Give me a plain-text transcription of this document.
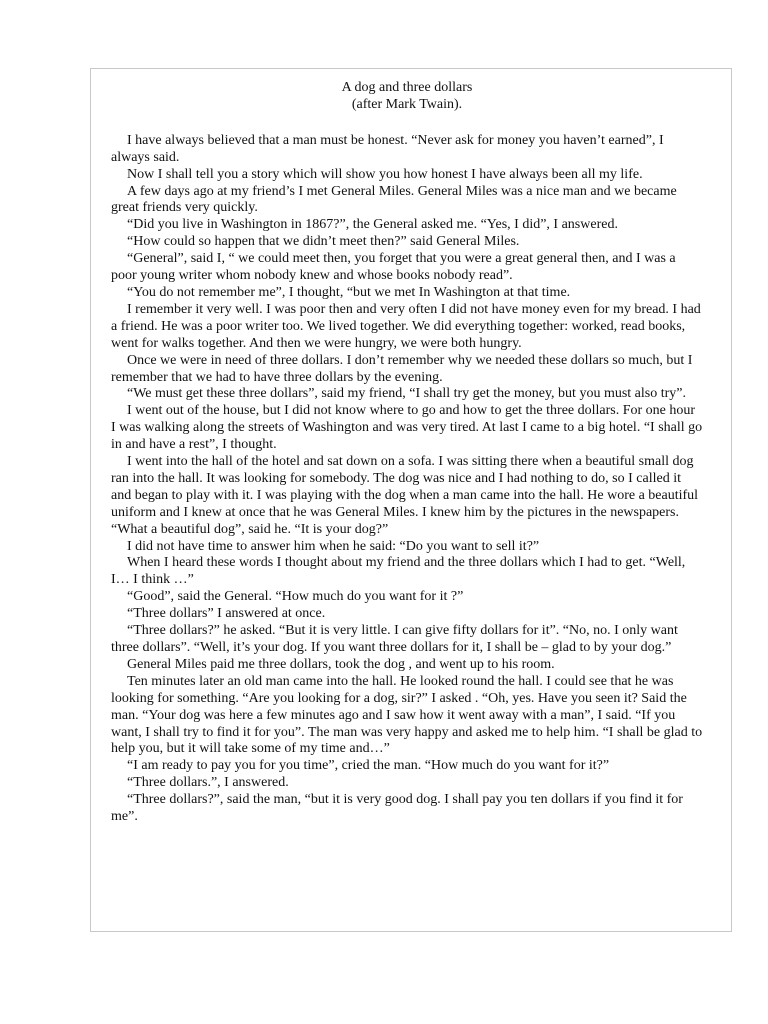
A dog and three dollars

(after Mark Twain).

I have always believed that a man must be honest. “Never ask for money you haven’t earned”, I always said.

Now I shall tell you a story which will show you how honest I have always been all my life.

A few days ago at my friend’s I met General Miles. General Miles was a nice man and we became great friends very quickly.

“Did you live in Washington in 1867?”, the General asked me. “Yes, I did”, I answered.

“How could so happen that we didn’t meet then?” said General Miles.

“General”, said I, “ we could meet then, you forget that you were a great general then, and I was a poor young writer whom nobody knew and whose books nobody read”.

“You do not remember me”, I thought, “but we met In Washington at that time.

I remember it very well. I was poor then and very often I did not have money even for my bread. I had a friend. He was a poor writer too. We lived together. We did everything together: worked, read books, went for walks together. And then we were hungry, we were both hungry.

Once we were in need of three dollars. I don’t remember why we needed these dollars so much, but I remember that we had to have three dollars by the evening.

“We must get these three dollars”, said my friend, “I shall try get the money, but you must also try”.

I went out of the house, but I did not know where to go and how to get the three dollars. For one hour I was walking along the streets of Washington and was very tired. At last I came to a big hotel. “I shall go in and have a rest”, I thought.

I went into the hall of the hotel and sat down on a sofa. I was sitting there when a beautiful small dog ran into the hall. It was looking for somebody. The dog was nice and I had nothing to do, so I called it and began to play with it. I was playing with the dog when a man came into the hall. He wore a beautiful uniform and I knew at once that he was General Miles. I knew him by the pictures in the newspapers. “What a beautiful dog”, said he. “It is your dog?”

I did not have time to answer him when he said: “Do you want to sell it?”

When I heard these words I thought about my friend and the three dollars which I had to get. “Well, I… I think …”

“Good”, said the General. “How much do you want for it ?”

“Three dollars” I answered at once.

“Three dollars?” he asked. “But it is very little. I can give fifty dollars for it”. “No, no. I only want three dollars”. “Well, it’s your dog. If you want three dollars for it, I shall be – glad to by your dog.”

General Miles paid me three dollars, took the dog , and went up to his room.

Ten minutes later an old man came into the hall. He looked round the hall. I could see that he was looking for something. “Are you looking for a dog, sir?” I asked . “Oh, yes. Have you seen it? Said the man. “Your dog was here a few minutes ago and I saw how it went away with a man”, I said. “If you want, I shall try to find it for you”. The man was very happy and asked me to help him. “I shall be glad to help you, but it will take some of my time and…”

“I am ready to pay you for you time”, cried the man. “How much do you want for it?”

“Three dollars.”, I answered.

“Three dollars?”, said the man, “but it is very good dog. I shall pay you ten dollars if you find it for me”.
